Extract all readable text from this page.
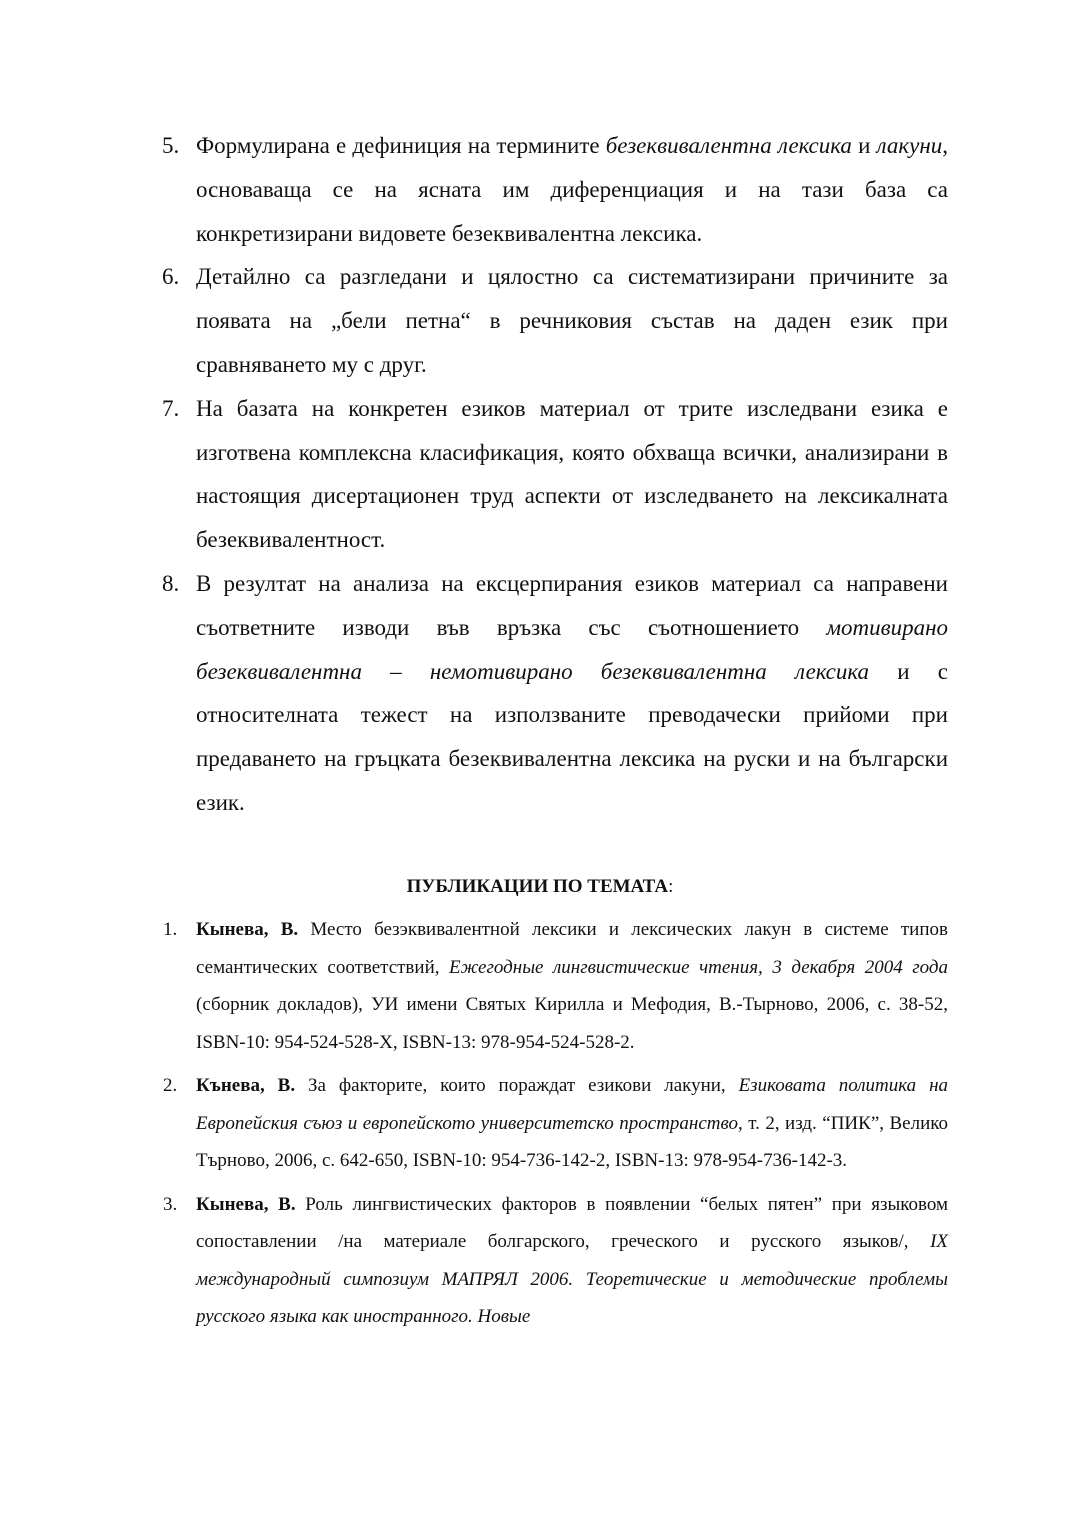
5. Формулирана е дефиниция на термините безеквивалентна лексика и лакуни, основаваща се на ясната им диференциация и на тази база са конкретизирани видовете безеквивалентна лексика.
6. Детайлно са разгледани и цялостно са систематизирани причините за появата на „бели петна“ в речниковия състав на даден език при сравняването му с друг.
7. На базата на конкретен езиков материал от трите изследвани езика е изготвена комплексна класификация, която обхваща всички, анализирани в настоящия дисертационен труд аспекти от изследването на лексикалната безеквивалентност.
8. В резултат на анализа на ексцерпирания езиков материал са направени съответните изводи във връзка със съотношението мотивирано безеквивалентна – немотивирано безеквивалентна лексика и с относителната тежест на използваните преводачески прийоми при предаването на гръцката безеквивалентна лексика на руски и на български език.
ПУБЛИКАЦИИ ПО ТЕМАТА:
1. Кынева, В. Место безэквивалентной лексики и лексических лакун в системе типов семантических соответствий, Ежегодные лингвистические чтения, 3 декабря 2004 года (сборник докладов), УИ имени Святых Кирилла и Мефодия, В.-Тырново, 2006, с. 38-52, ISBN-10: 954-524-528-Х, ISBN-13: 978-954-524-528-2.
2. Кънева, В. За факторите, които пораждат езикови лакуни, Езиковата политика на Европейския съюз и европейското университетско пространство, т. 2, изд. “ПИК”, Велико Търново, 2006, с. 642-650, ISBN-10: 954-736-142-2, ISBN-13: 978-954-736-142-3.
3. Кынева, В. Роль лингвистических факторов в появлении “белых пятен” при языковом сопоставлении /на материале болгарского, греческого и русского языков/, IX международный симпозиум МАПРЯЛ 2006. Теоретические и методические проблемы русского языка как иностранного. Новые
